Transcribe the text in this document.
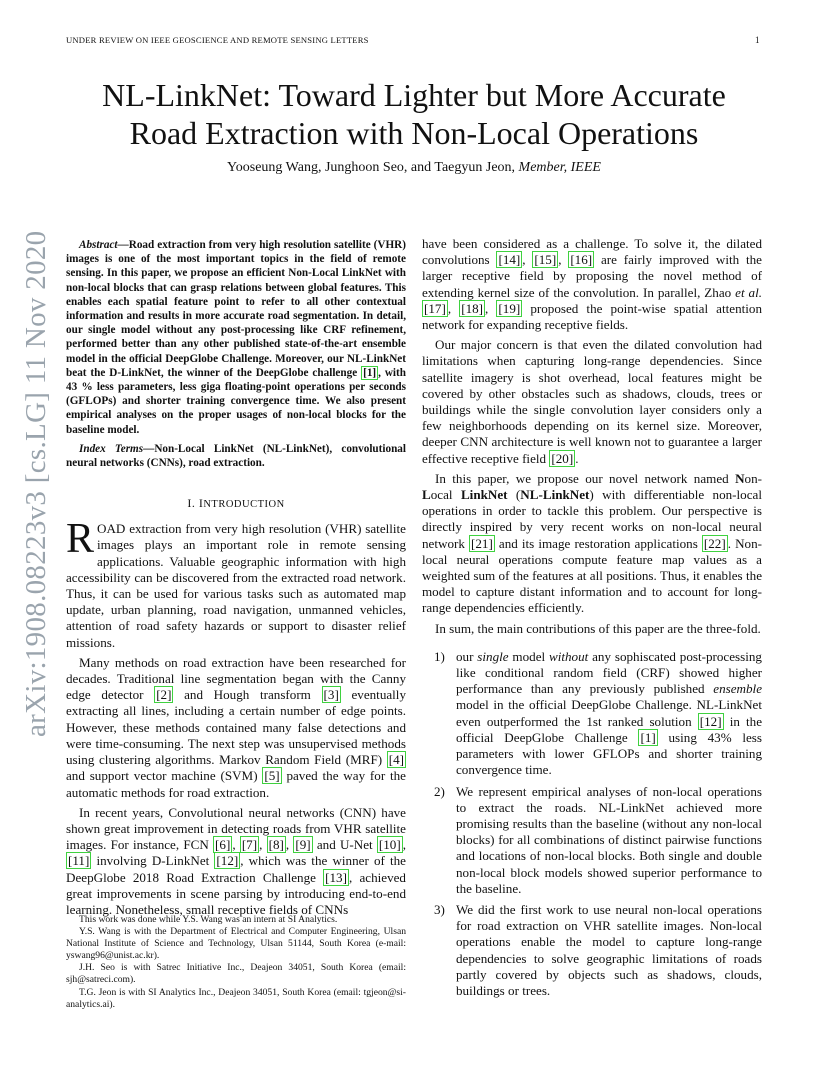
UNDER REVIEW ON IEEE GEOSCIENCE AND REMOTE SENSING LETTERS	1
NL-LinkNet: Toward Lighter but More Accurate
Road Extraction with Non-Local Operations
Yooseung Wang, Junghoon Seo, and Taegyun Jeon, Member, IEEE
arXiv:1908.08223v3 [cs.LG] 11 Nov 2020	Abstract—Road extraction from very high resolution satellite (VHR) images is one of the most important topics in the field of remote sensing. In this paper, we propose an efficient Non-Local LinkNet with non-local blocks that can grasp relations between global features. This enables each spatial feature point to refer to all other contextual information and results in more accurate road segmentation. In detail, our single model without any post-processing like CRF refinement, performed better than any other published state-of-the-art ensemble model in the official DeepGlobe Challenge. Moreover, our NL-LinkNet beat the D-LinkNet, the winner of the DeepGlobe challenge [1] , with 43 % less parameters, less giga floating-point operations per seconds (GFLOPs) and shorter training convergence time. We also present empirical analyses on the proper usages of non-local blocks for the baseline model.

Index Terms—Non-Local LinkNet (NL-LinkNet), convolutional neural networks (CNNs), road extraction.

I. INTRODUCTION

ROAD extraction from very high resolution (VHR) satellite images plays an important role in remote sensing applications. Valuable geographic information with high accessibility can be discovered from the extracted road network. Thus, it can be used for various tasks such as automated map update, urban planning, road navigation, unmanned vehicles, attention of road safety hazards or support to disaster relief missions.

Many methods on road extraction have been researched for decades. Traditional line segmentation began with the Canny edge detector [2] and Hough transform [3] eventually extracting all lines, including a certain number of edge points. However, these methods contained many false detections and were time-consuming. The next step was unsupervised methods using clustering algorithms. Markov Random Field (MRF) [4] and support vector machine (SVM) [5] paved the way for the automatic methods for road extraction.

In recent years, Convolutional neural networks (CNN) have shown great improvement in detecting roads from VHR satellite images. For instance, FCN [6] , [7] , [8] , [9] and U-Net [10] , [11] involving D-LinkNet [12] , which was the winner of the DeepGlobe 2018 Road Extraction Challenge [13] , achieved great improvements in scene parsing by introducing end-to-end learning. Nonetheless, small receptive fields of CNNs

This work was done while Y.S. Wang was an intern at SI Analytics.

Y.S. Wang is with the Department of Electrical and Computer Engineering, Ulsan National Institute of Science and Technology, Ulsan 51144, South Korea (e-mail: yswang96@unist.ac.kr).

J.H. Seo is with Satrec Initiative Inc., Deajeon 34051, South Korea (email: sjh@satreci.com).

T.G. Jeon is with SI Analytics Inc., Deajeon 34051, South Korea (email: tgjeon@si-analytics.ai).

have been considered as a challenge. To solve it, the dilated convolutions [14] , [15] , [16] are fairly improved with the larger receptive field by proposing the novel method of extending kernel size of the convolution. In parallel, Zhao et al. [17] , [18] , [19] proposed the point-wise spatial attention network for expanding receptive fields.

Our major concern is that even the dilated convolution had limitations when capturing long-range dependencies. Since satellite imagery is shot overhead, local features might be covered by other obstacles such as shadows, clouds, trees or buildings while the single convolution layer considers only a few neighborhoods depending on its kernel size. Moreover, deeper CNN architecture is well known not to guarantee a larger effective receptive field [20] .

In this paper, we propose our novel network named Non-Local LinkNet (NL-LinkNet) with differentiable non-local operations in order to tackle this problem. Our perspective is directly inspired by very recent works on non-local neural network [21] and its image restoration applications [22] . Non-local neural operations compute feature map values as a weighted sum of the features at all positions. Thus, it enables the model to capture distant information and to account for long-range dependencies efficiently.

In sum, the main contributions of this paper are the three-fold.

1) our single model without any sophiscated post-processing like conditional random field (CRF) showed higher performance than any previously published ensemble model in the official DeepGlobe Challenge. NL-LinkNet even outperformed the 1st ranked solution [12] in the official DeepGlobe Challenge [1] using 43% less parameters with lower GFLOPs and shorter training convergence time.
2) We represent empirical analyses of non-local operations to extract the roads. NL-LinkNet achieved more promising results than the baseline (without any non-local blocks) for all combinations of distinct pairwise functions and locations of non-local blocks. Both single and double non-local block models showed superior performance to the baseline.
3) We did the first work to use neural non-local operations for road extraction on VHR satellite images. Non-local operations enable the model to capture long-range dependencies to solve geographic limitations of roads partly covered by objects such as shadows, clouds, buildings or trees.
